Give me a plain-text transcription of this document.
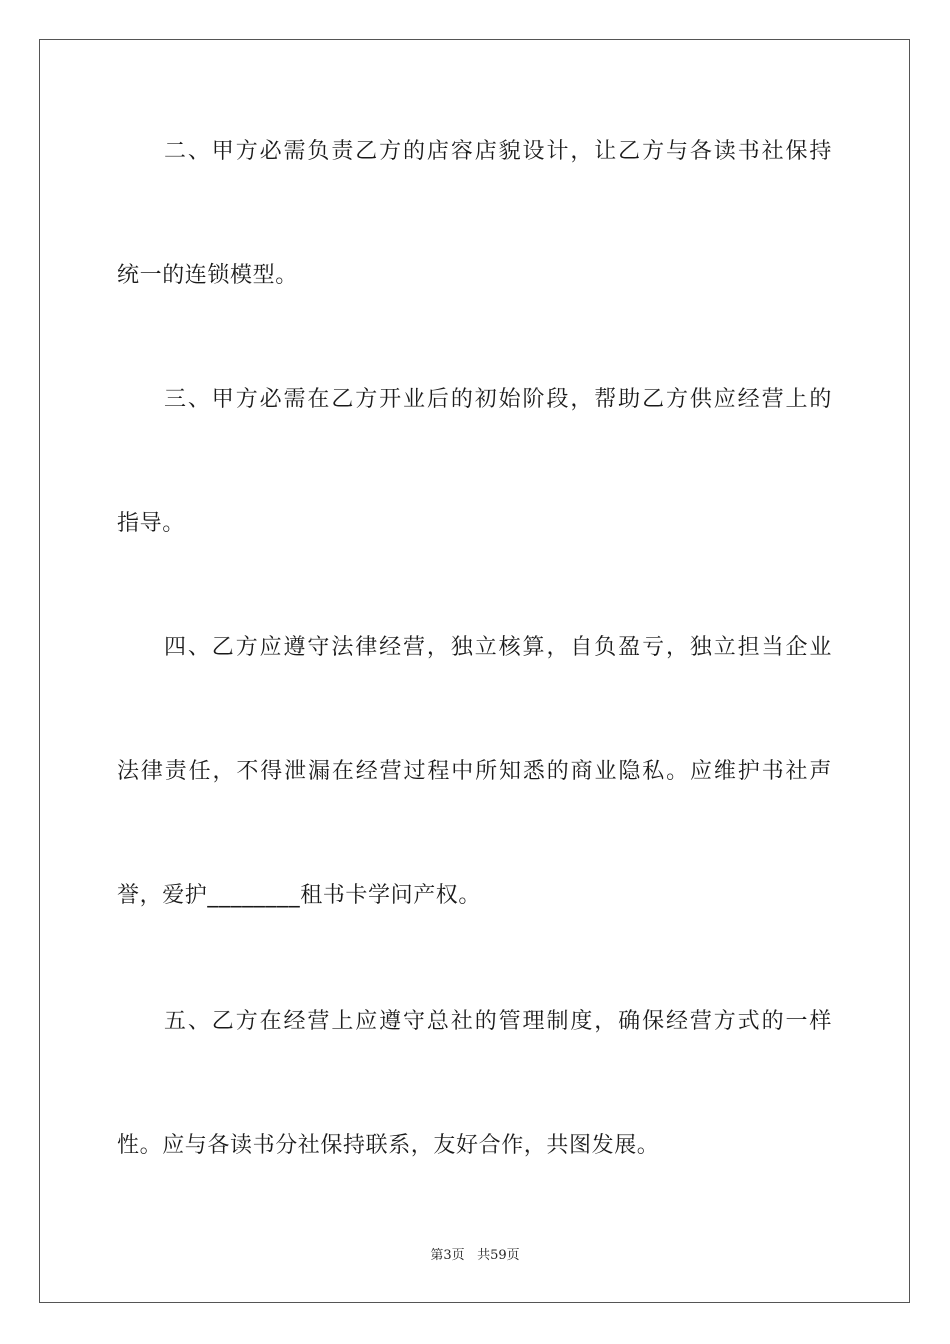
二、甲方必需负责乙方的店容店貌设计，让乙方与各读书社保持
统一的连锁模型。
三、甲方必需在乙方开业后的初始阶段，帮助乙方供应经营上的
指导。
四、乙方应遵守法律经营，独立核算，自负盈亏，独立担当企业
法律责任，不得泄漏在经营过程中所知悉的商业隐私。应维护书社声
誉，爱护________租书卡学问产权。
五、乙方在经营上应遵守总社的管理制度，确保经营方式的一样
性。应与各读书分社保持联系，友好合作，共图发展。
第3页 共59页
